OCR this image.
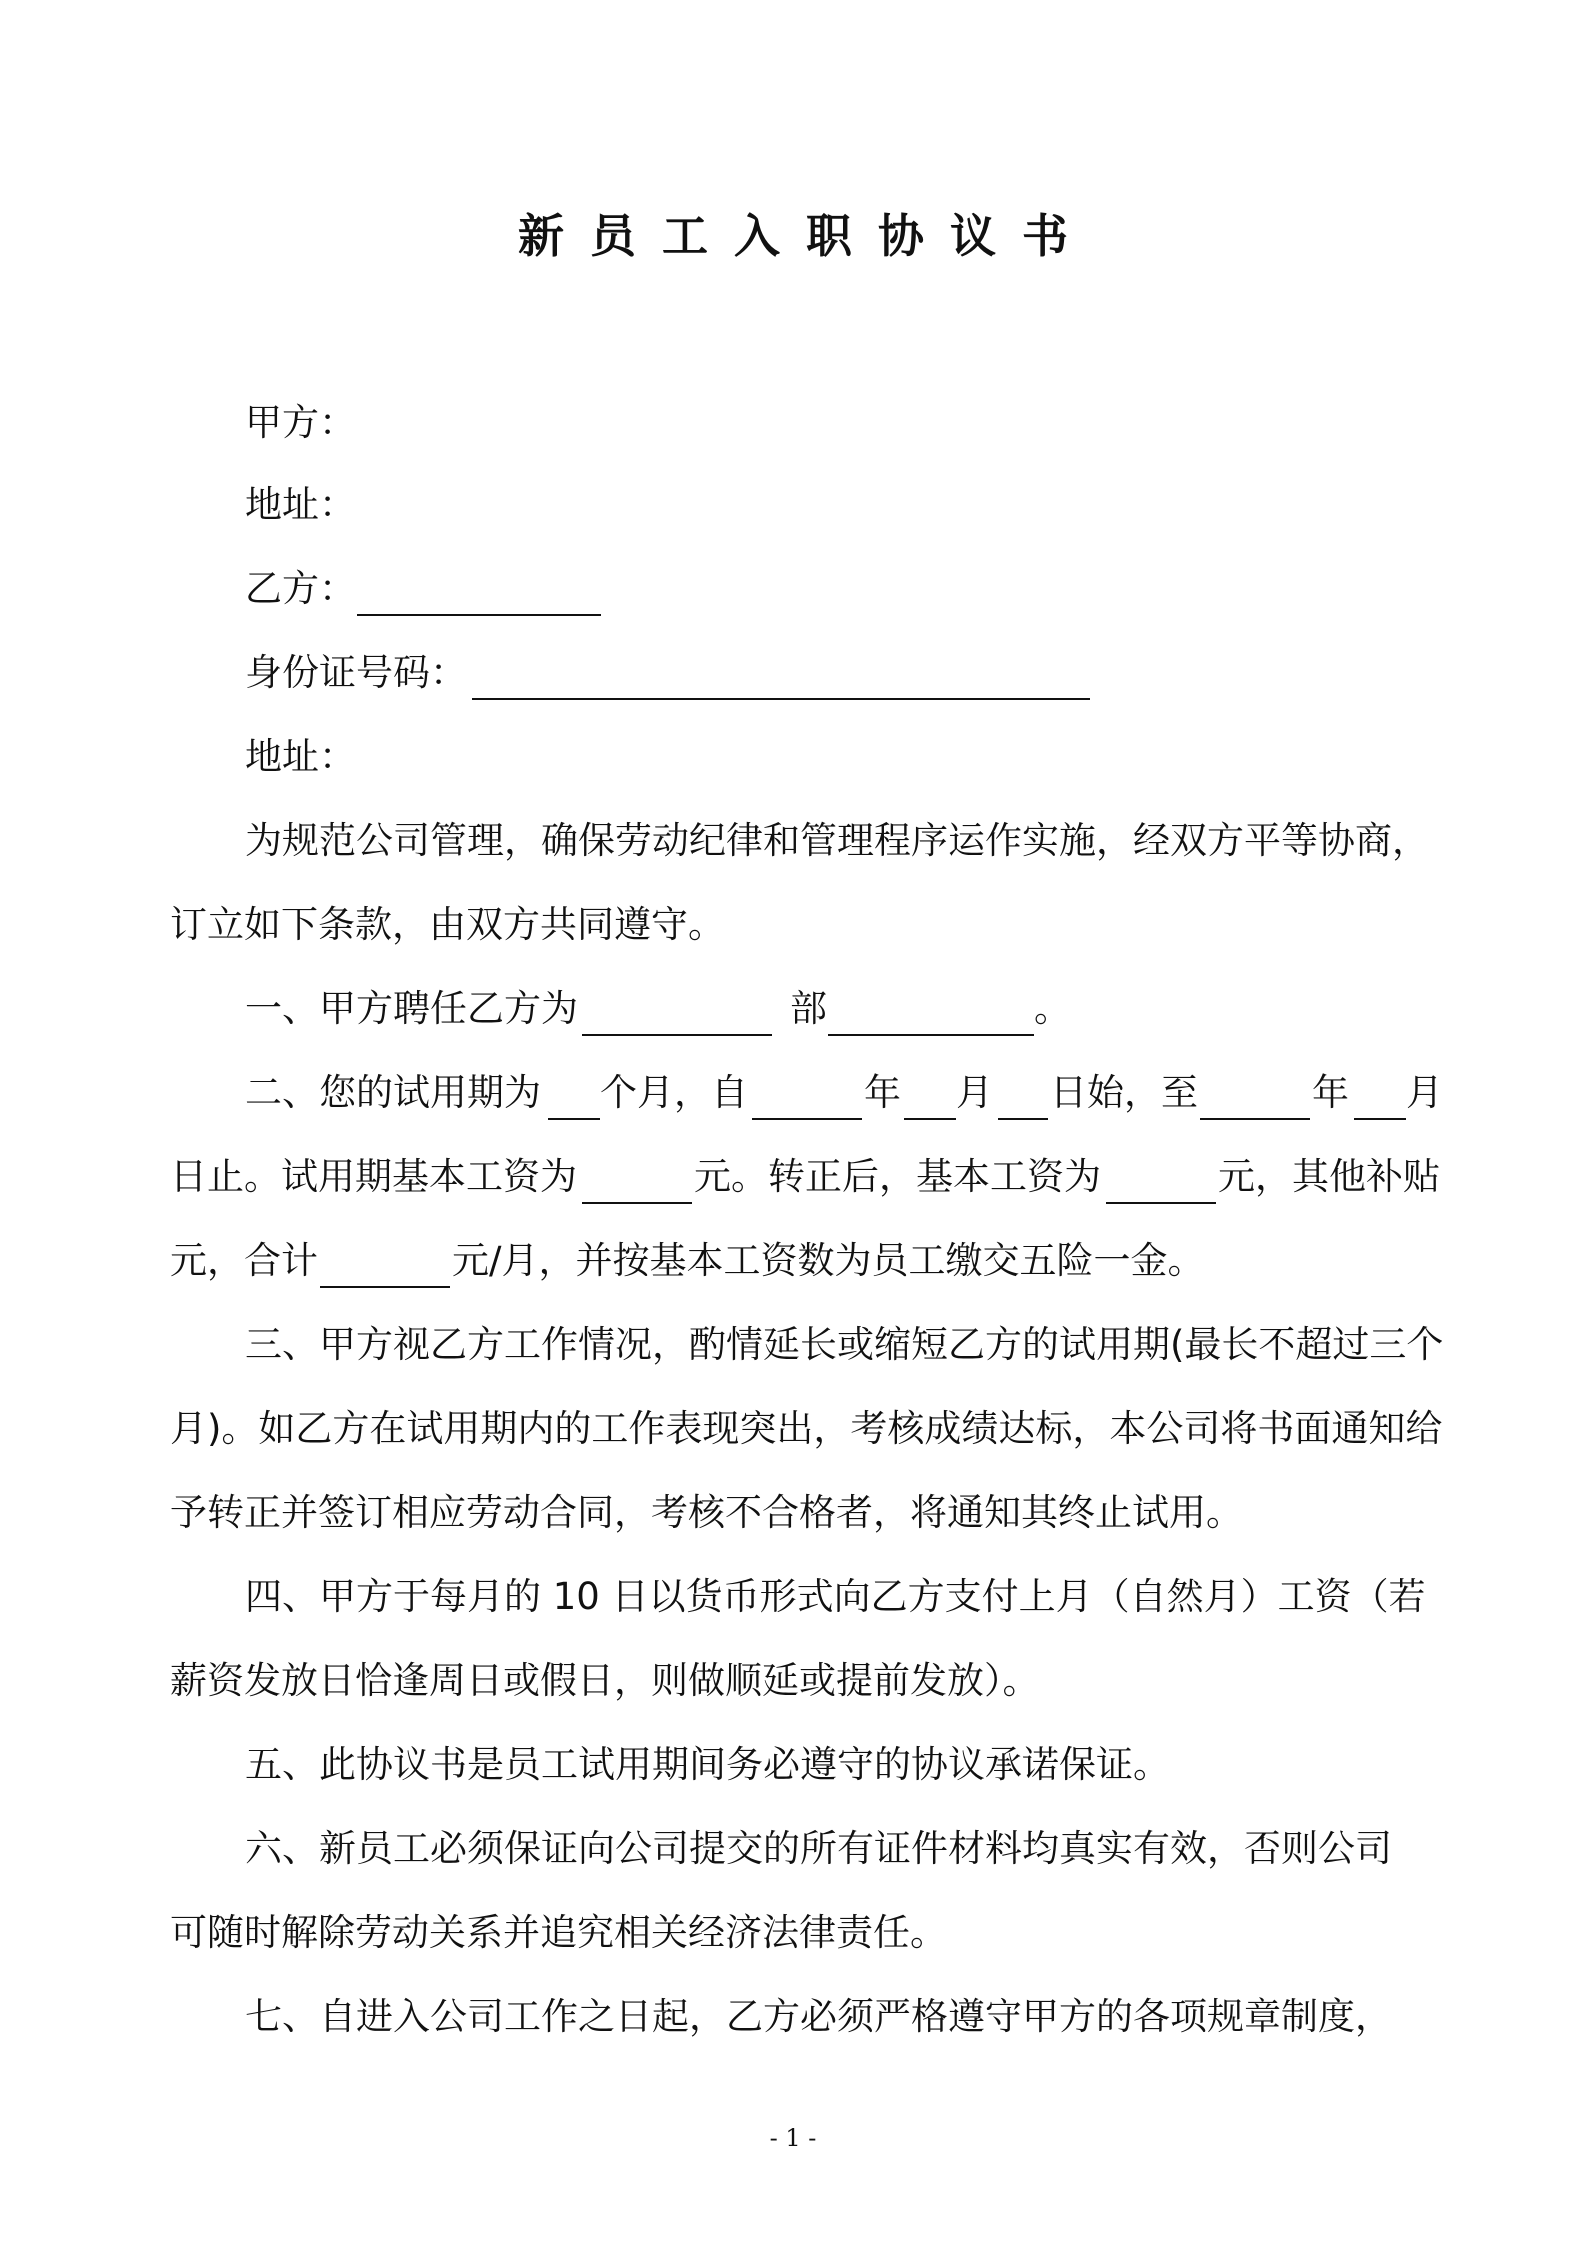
新员工入职协议书
甲方：
地址：
乙方：
身份证号码：
地址：
为规范公司管理，确保劳动纪律和管理程序运作实施，经双方平等协商，
订立如下条款，由双方共同遵守。
一、甲方聘任乙方为	部	。
二、您的试用期为 个月，自	年 月 日始，至	年 月
日止。试用期基本工资为	元。转正后，基本工资为	元，其他补贴
元，合计	元/月，并按基本工资数为员工缴交五险一金。
三、甲方视乙方工作情况，酌情延长或缩短乙方的试用期(最长不超过三个
月)。如乙方在试用期内的工作表现突出，考核成绩达标，本公司将书面通知给
予转正并签订相应劳动合同，考核不合格者，将通知其终止试用。
四、甲方于每月的 10 日以货币形式向乙方支付上月（自然月）工资（若
薪资发放日恰逢周日或假日，则做顺延或提前发放）。
五、此协议书是员工试用期间务必遵守的协议承诺保证。
六、新员工必须保证向公司提交的所有证件材料均真实有效，否则公司
可随时解除劳动关系并追究相关经济法律责任。
七、自进入公司工作之日起，乙方必须严格遵守甲方的各项规章制度，
- 1 -
